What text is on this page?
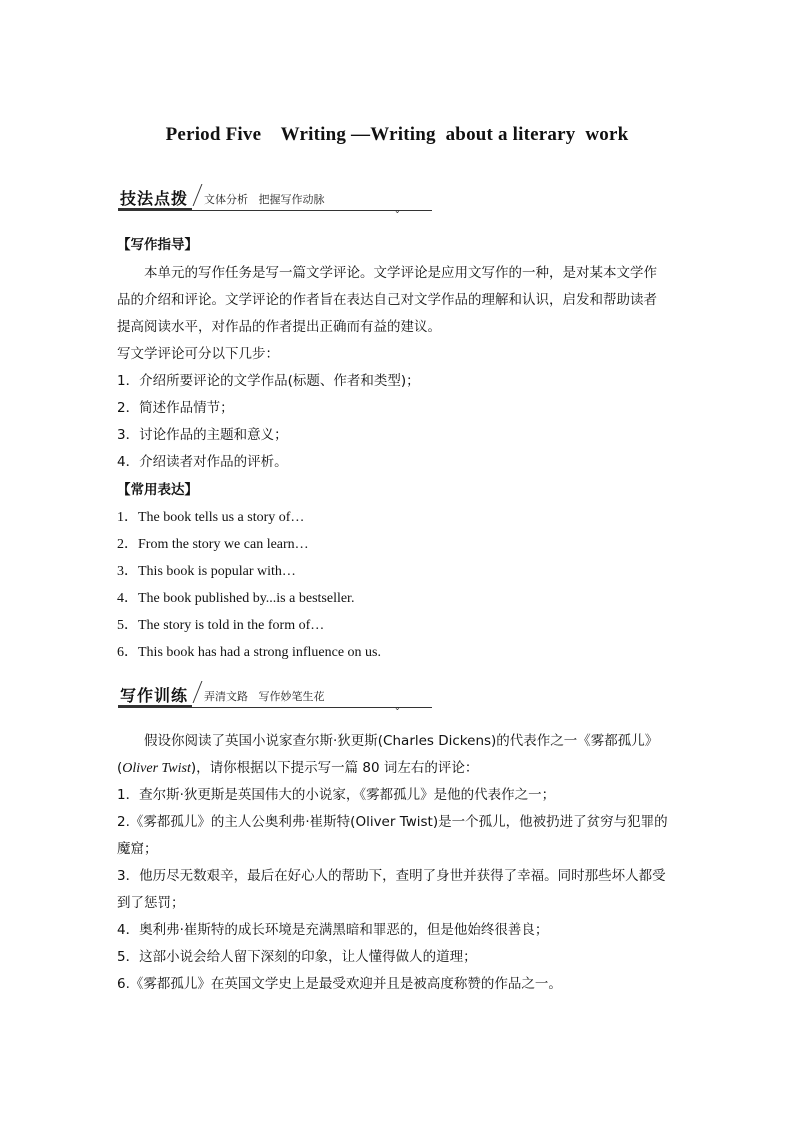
Period Five    Writing —Writing  about a literary  work
技法点拨 文体分析   把握写作动脉
⌄
【写作指导】
本单元的写作任务是写一篇文学评论。文学评论是应用文写作的一种，是对某本文学作
品的介绍和评论。文学评论的作者旨在表达自己对文学作品的理解和认识，启发和帮助读者
提高阅读水平，对作品的作者提出正确而有益的建议。
写文学评论可分以下几步：
1．介绍所要评论的文学作品(标题、作者和类型)；
2．简述作品情节；
3．讨论作品的主题和意义；
4．介绍读者对作品的评析。
【常用表达】
1．The book tells us a story of…
2．From the story we can learn…
3．This book is popular with…
4．The book published by...is a bestseller.
5．The story is told in the form of…
6．This book has had a strong influence on us.
写作训练 弄清文路   写作妙笔生花
⌄
假设你阅读了英国小说家查尔斯·狄更斯(Charles Dickens)的代表作之一《雾都孤儿》
(Oliver Twist)，请你根据以下提示写一篇 80 词左右的评论：
1．查尔斯·狄更斯是英国伟大的小说家，《雾都孤儿》是他的代表作之一；
2.《雾都孤儿》的主人公奥利弗·崔斯特(Oliver Twist)是一个孤儿，他被扔进了贫穷与犯罪的
魔窟；
3．他历尽无数艰辛，最后在好心人的帮助下，查明了身世并获得了幸福。同时那些坏人都受
到了惩罚；
4．奥利弗·崔斯特的成长环境是充满黑暗和罪恶的，但是他始终很善良；
5．这部小说会给人留下深刻的印象，让人懂得做人的道理；
6.《雾都孤儿》在英国文学史上是最受欢迎并且是被高度称赞的作品之一。
